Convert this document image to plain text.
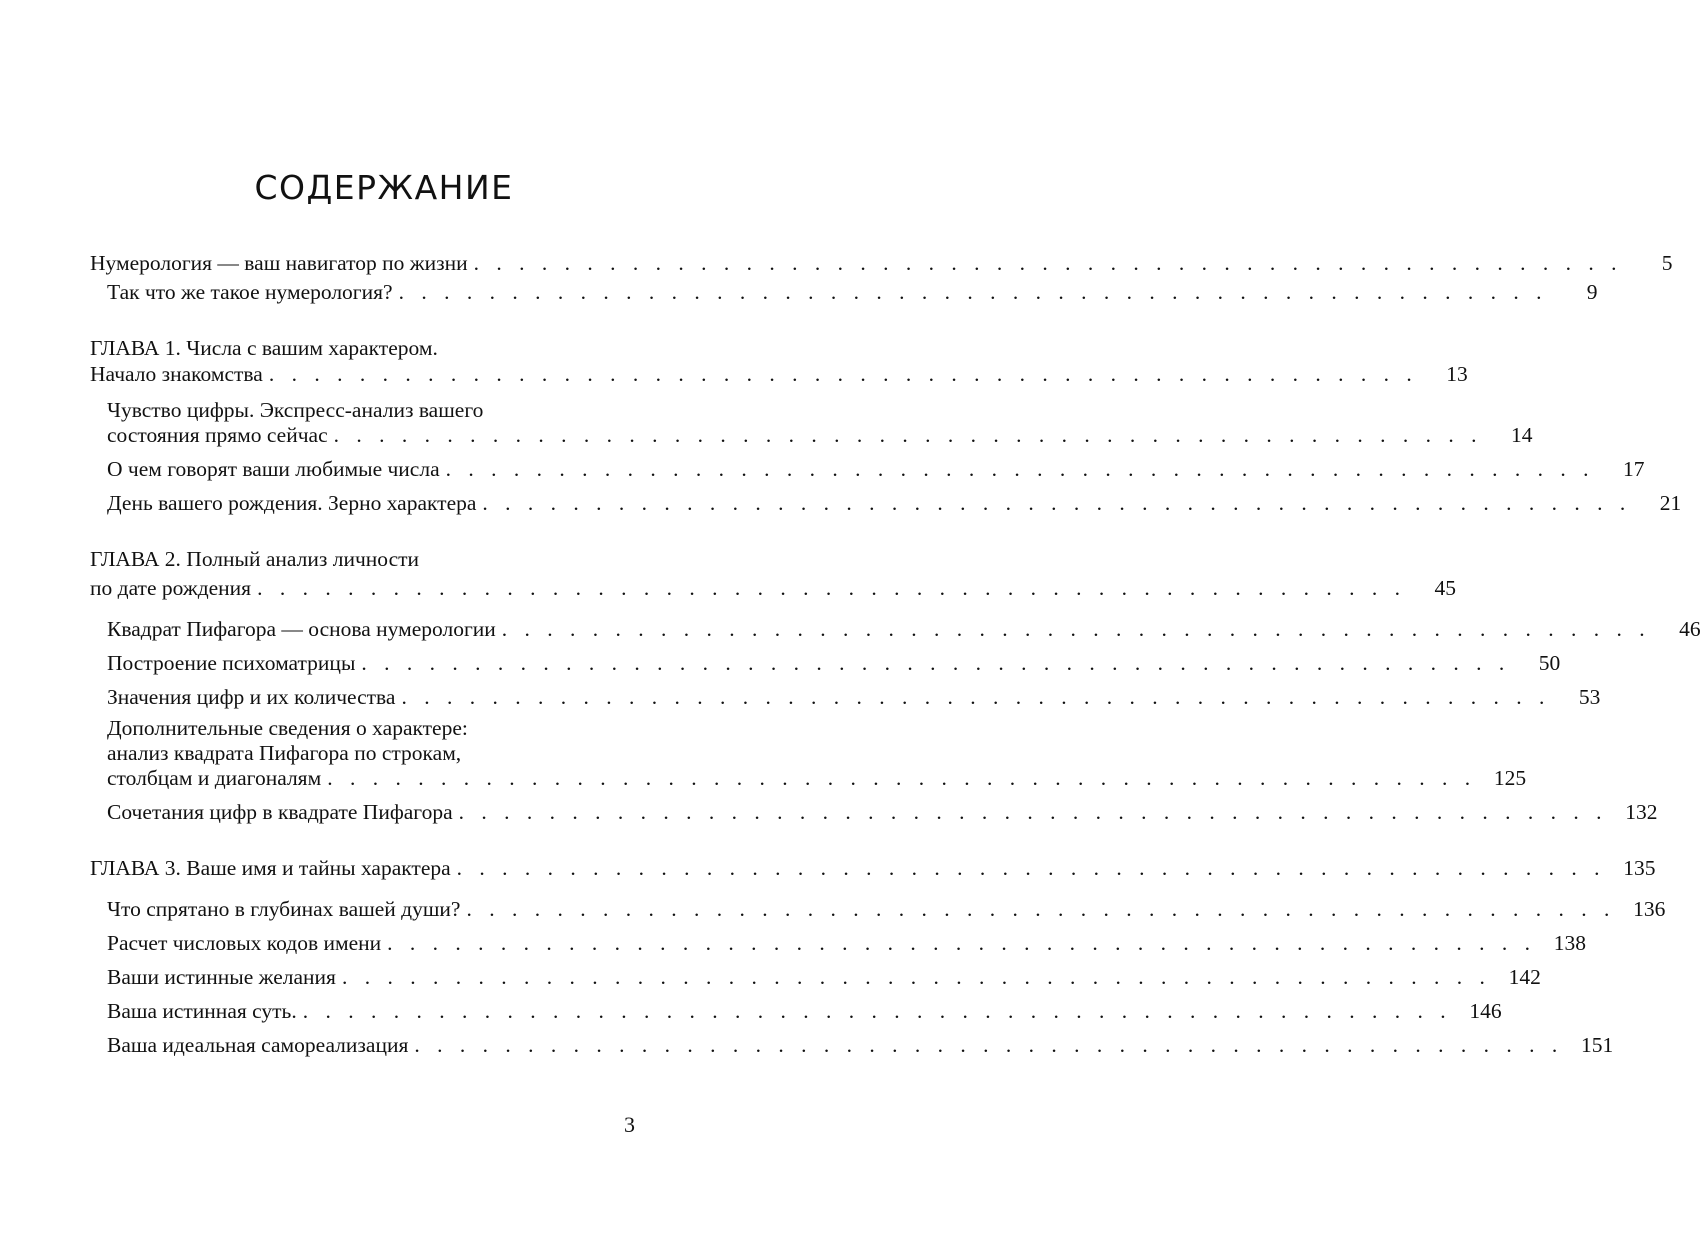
СОДЕРЖАНИЕ
Нумерология — ваш навигатор по жизни . . . . . . . . . . . . . . . . . . . . . . . . . . . . . . . . . . . . . . . . . . . . . . . . . . .	5
Так что же такое нумерология? . . . . . . . . . . . . . . . . . . . . . . . . . . . . . . . . . . . . . . . . . . . . . . . . . . .	9
ГЛАВА 1. Числа с вашим характером.
Начало знакомства . . . . . . . . . . . . . . . . . . . . . . . . . . . . . . . . . . . . . . . . . . . . . . . . . . .	13
Чувство цифры. Экспресс-анализ вашего
состояния прямо сейчас . . . . . . . . . . . . . . . . . . . . . . . . . . . . . . . . . . . . . . . . . . . . . . . . . . .	14
О чем говорят ваши любимые числа . . . . . . . . . . . . . . . . . . . . . . . . . . . . . . . . . . . . . . . . . . . . . . . . . . .	17
День вашего рождения. Зерно характера . . . . . . . . . . . . . . . . . . . . . . . . . . . . . . . . . . . . . . . . . . . . . . . . . . .	21
ГЛАВА 2. Полный анализ личности
по дате рождения . . . . . . . . . . . . . . . . . . . . . . . . . . . . . . . . . . . . . . . . . . . . . . . . . . .	45
Квадрат Пифагора — основа нумерологии . . . . . . . . . . . . . . . . . . . . . . . . . . . . . . . . . . . . . . . . . . . . . . . . . . .	46
Построение психоматрицы . . . . . . . . . . . . . . . . . . . . . . . . . . . . . . . . . . . . . . . . . . . . . . . . . . .	50
Значения цифр и их количества . . . . . . . . . . . . . . . . . . . . . . . . . . . . . . . . . . . . . . . . . . . . . . . . . . .	53
Дополнительные сведения о характере:
анализ квадрата Пифагора по строкам,
столбцам и диагоналям . . . . . . . . . . . . . . . . . . . . . . . . . . . . . . . . . . . . . . . . . . . . . . . . . . . 125
Сочетания цифр в квадрате Пифагора . . . . . . . . . . . . . . . . . . . . . . . . . . . . . . . . . . . . . . . . . . . . . . . . . . . 132
ГЛАВА 3. Ваше имя и тайны характера . . . . . . . . . . . . . . . . . . . . . . . . . . . . . . . . . . . . . . . . . . . . . . . . . . . 135
Что спрятано в глубинах вашей души? . . . . . . . . . . . . . . . . . . . . . . . . . . . . . . . . . . . . . . . . . . . . . . . . . . . 136
Расчет числовых кодов имени . . . . . . . . . . . . . . . . . . . . . . . . . . . . . . . . . . . . . . . . . . . . . . . . . . . 138
Ваши истинные желания . . . . . . . . . . . . . . . . . . . . . . . . . . . . . . . . . . . . . . . . . . . . . . . . . . . 142
Ваша истинная суть. . . . . . . . . . . . . . . . . . . . . . . . . . . . . . . . . . . . . . . . . . . . . . . . . . . . 146
Ваша идеальная самореализация . . . . . . . . . . . . . . . . . . . . . . . . . . . . . . . . . . . . . . . . . . . . . . . . . . . 151
3
